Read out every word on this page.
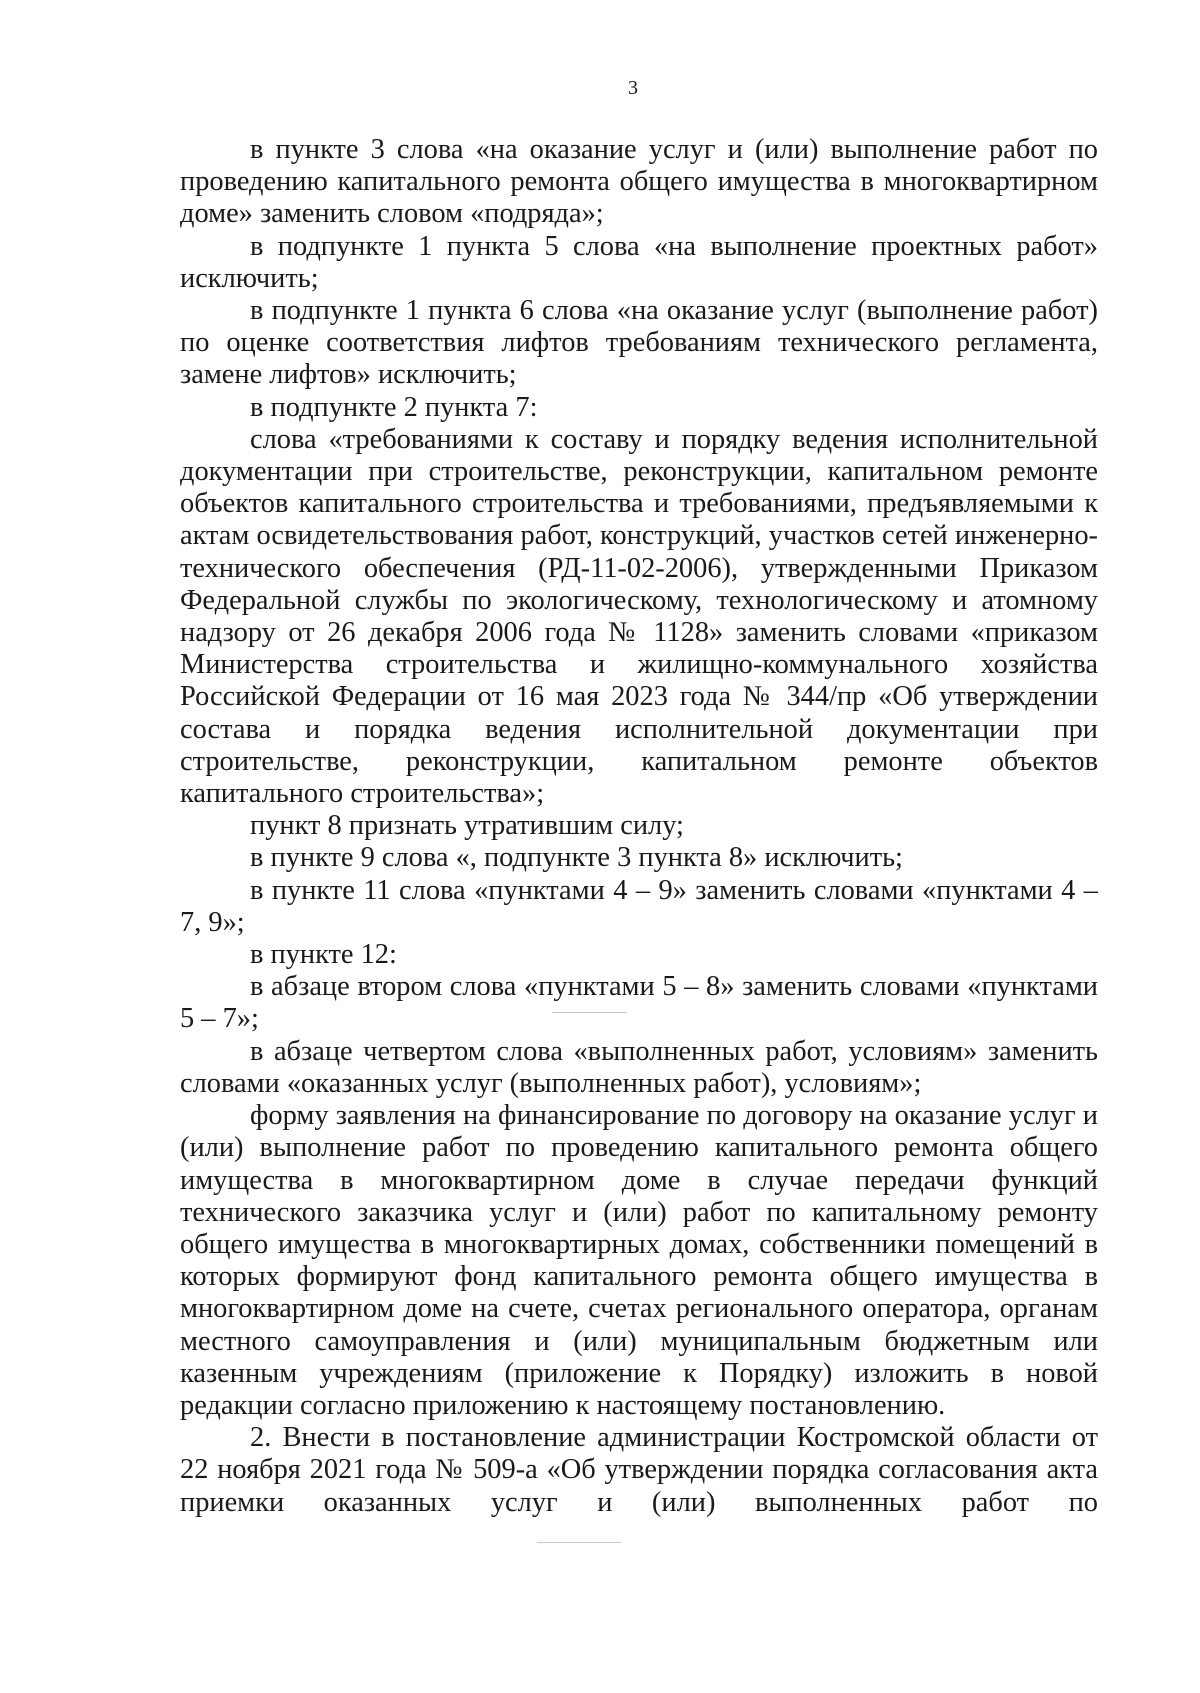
3

в пункте 3 слова «на оказание услуг и (или) выполнение работ по проведению капитального ремонта общего имущества в многоквартирном доме» заменить словом «подряда»;

в подпункте 1 пункта 5 слова «на выполнение проектных работ» исключить;

в подпункте 1 пункта 6 слова «на оказание услуг (выполнение работ) по оценке соответствия лифтов требованиям технического регламента, замене лифтов» исключить;

в подпункте 2 пункта 7:

слова «требованиями к составу и порядку ведения исполнительной документации при строительстве, реконструкции, капитальном ремонте объектов капитального строительства и требованиями, предъявляемыми к актам освидетельствования работ, конструкций, участков сетей инженерно-технического обеспечения (РД-11-02-2006), утвержденными Приказом Федеральной службы по экологическому, технологическому и атомному надзору от 26 декабря 2006 года № 1128» заменить словами «приказом Министерства строительства и жилищно-коммунального хозяйства Российской Федерации от 16 мая 2023 года № 344/пр «Об утверждении состава и порядка ведения исполнительной документации при строительстве, реконструкции, капитальном ремонте объектов капитального строительства»;

пункт 8 признать утратившим силу;

в пункте 9 слова «, подпункте 3 пункта 8» исключить;

в пункте 11 слова «пунктами 4 – 9» заменить словами «пунктами 4 – 7, 9»;

в пункте 12:

в абзаце втором слова «пунктами 5 – 8» заменить словами «пунктами 5 – 7»;

в абзаце четвертом слова «выполненных работ, условиям» заменить словами «оказанных услуг (выполненных работ), условиям»;

форму заявления на финансирование по договору на оказание услуг и (или) выполнение работ по проведению капитального ремонта общего имущества в многоквартирном доме в случае передачи функций технического заказчика услуг и (или) работ по капитальному ремонту общего имущества в многоквартирных домах, собственники помещений в которых формируют фонд капитального ремонта общего имущества в многоквартирном доме на счете, счетах регионального оператора, органам местного самоуправления и (или) муниципальным бюджетным или казенным учреждениям (приложение к Порядку) изложить в новой редакции согласно приложению к настоящему постановлению.

2. Внести в постановление администрации Костромской области от 22 ноября 2021 года № 509-а «Об утверждении порядка согласования акта приемки оказанных услуг и (или) выполненных работ по
